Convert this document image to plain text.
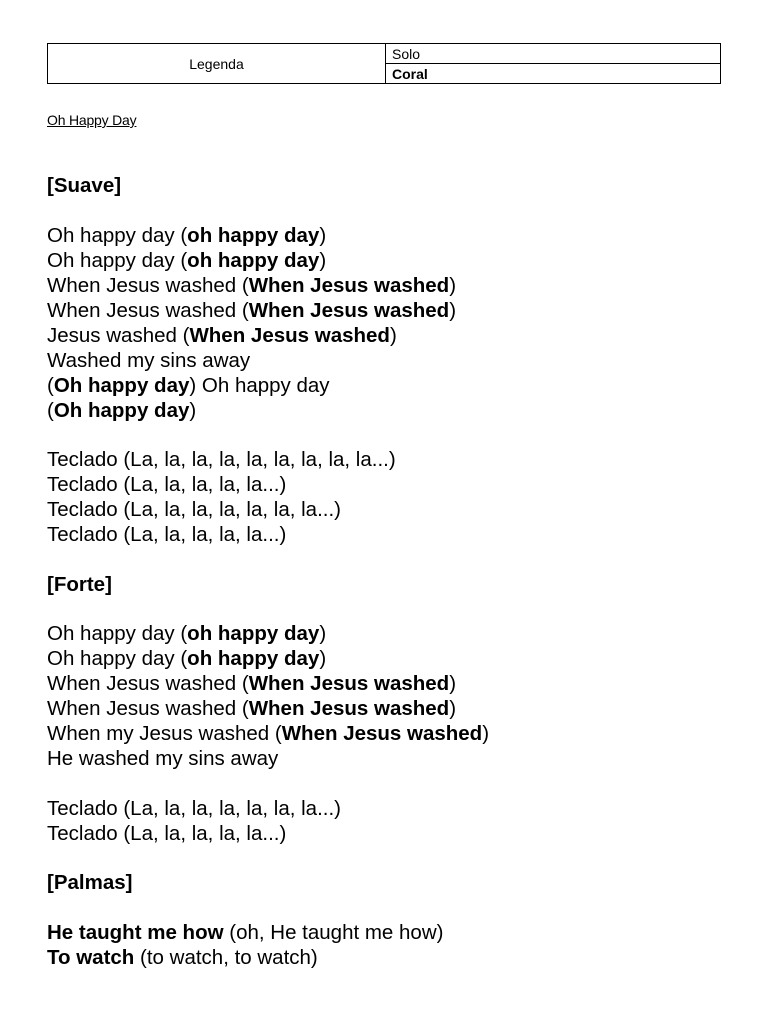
Legenda
Solo
Coral
Oh Happy Day
[Suave]
Oh happy day (oh happy day)
Oh happy day (oh happy day)
When Jesus washed (When Jesus washed)
When Jesus washed (When Jesus washed)
Jesus washed (When Jesus washed)
Washed my sins away
(Oh happy day) Oh happy day
(Oh happy day)
Teclado (La, la, la, la, la, la, la, la, la...)
Teclado (La, la, la, la, la...)
Teclado (La, la, la, la, la, la, la...)
Teclado (La, la, la, la, la...)
[Forte]
Oh happy day (oh happy day)
Oh happy day (oh happy day)
When Jesus washed (When Jesus washed)
When Jesus washed (When Jesus washed)
When my Jesus washed (When Jesus washed)
He washed my sins away
Teclado (La, la, la, la, la, la, la...)
Teclado (La, la, la, la, la...)
[Palmas]
He taught me how (oh, He taught me how)
To watch (to watch, to watch)
